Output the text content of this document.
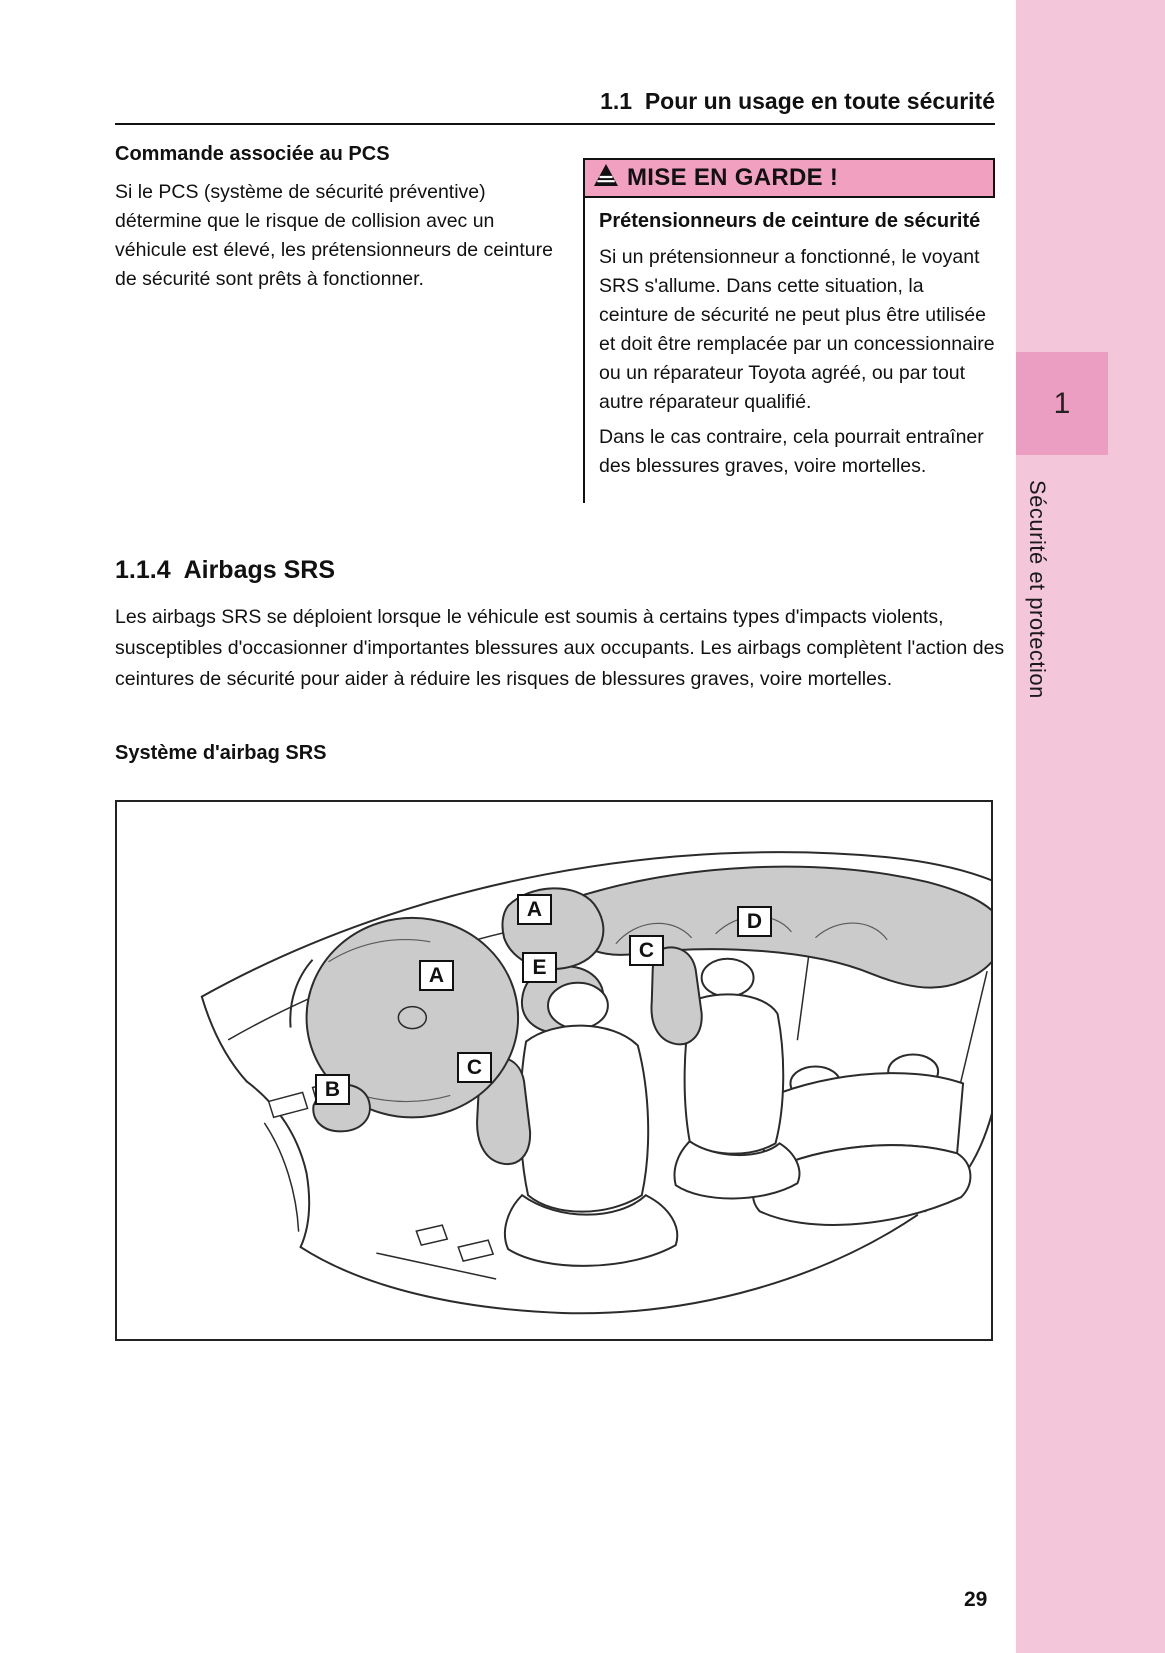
1
Sécurité et protection
1.1  Pour un usage en toute sécurité
Commande associée au PCS

Si le PCS (système de sécurité préventive) détermine que le risque de collision avec un véhicule est élevé, les prétensionneurs de ceinture de sécurité sont prêts à fonctionner.

MISE EN GARDE !
Prétensionneurs de ceinture de sécurité

Si un prétensionneur a fonctionné, le voyant SRS s'allume. Dans cette situation, la ceinture de sécurité ne peut plus être utilisée et doit être remplacée par un concessionnaire ou un réparateur Toyota agréé, ou par tout autre réparateur qualifié.

Dans le cas contraire, cela pourrait entraîner des blessures graves, voire mortelles.

1.1.4  Airbags SRS

Les airbags SRS se déploient lorsque le véhicule est soumis à certains types d'impacts violents, susceptibles d'occasionner d'importantes blessures aux occupants. Les airbags complètent l'action des ceintures de sécurité pour aider à réduire les risques de blessures graves, voire mortelles.

Système d'airbag SRS
A
D
C
E
A
C
B
29
